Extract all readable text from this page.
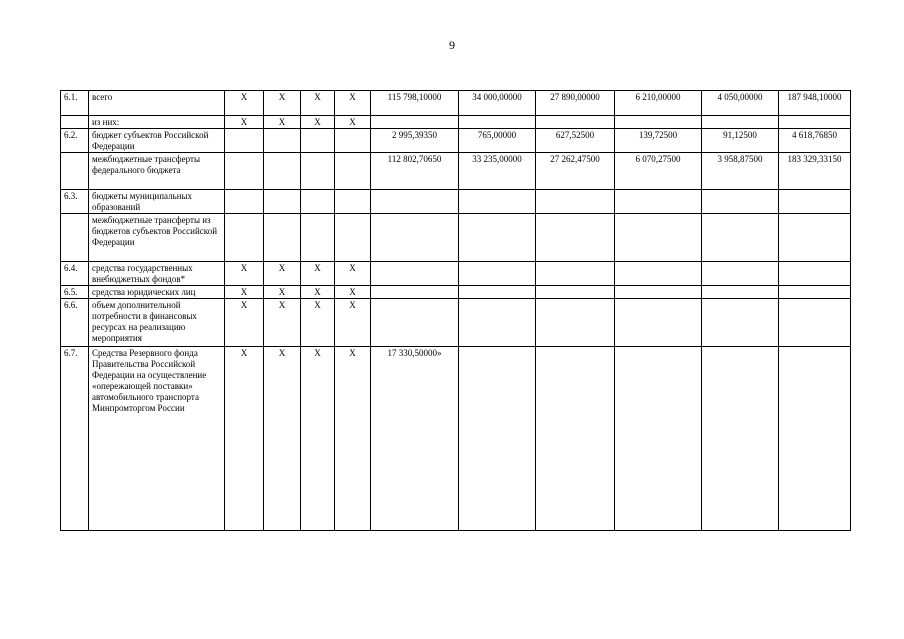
9
6.1.	всего	X	X	X	X	115 798,10000	34 000,00000	27 890,00000	6 210,00000	4 050,00000	187 948,10000
	из них:	X	X	X	X						
6.2.	бюджет субъектов Российской Федерации					2 995,39350	765,00000	627,52500	139,72500	91,12500	4 618,76850
	межбюджетные трансферты федерального бюджета					112 802,70650	33 235,00000	27 262,47500	6 070,27500	3 958,87500	183 329,33150
6.3.	бюджеты муниципальных образований										
	межбюджетные трансферты из бюджетов субъектов Российской Федерации										
6.4.	средства государственных внебюджетных фондов*	X	X	X	X						
6.5.	средства юридических лиц	X	X	X	X						
6.6.	объем дополнительной потребности в финансовых ресурсах на реализацию мероприятия	X	X	X	X						
6.7.	Средства Резервного фонда Правительства Российской Федерации на осуществление «опережающей поставки» автомобильного транспорта Минпромторгом России	X	X	X	X	17 330,50000»					
